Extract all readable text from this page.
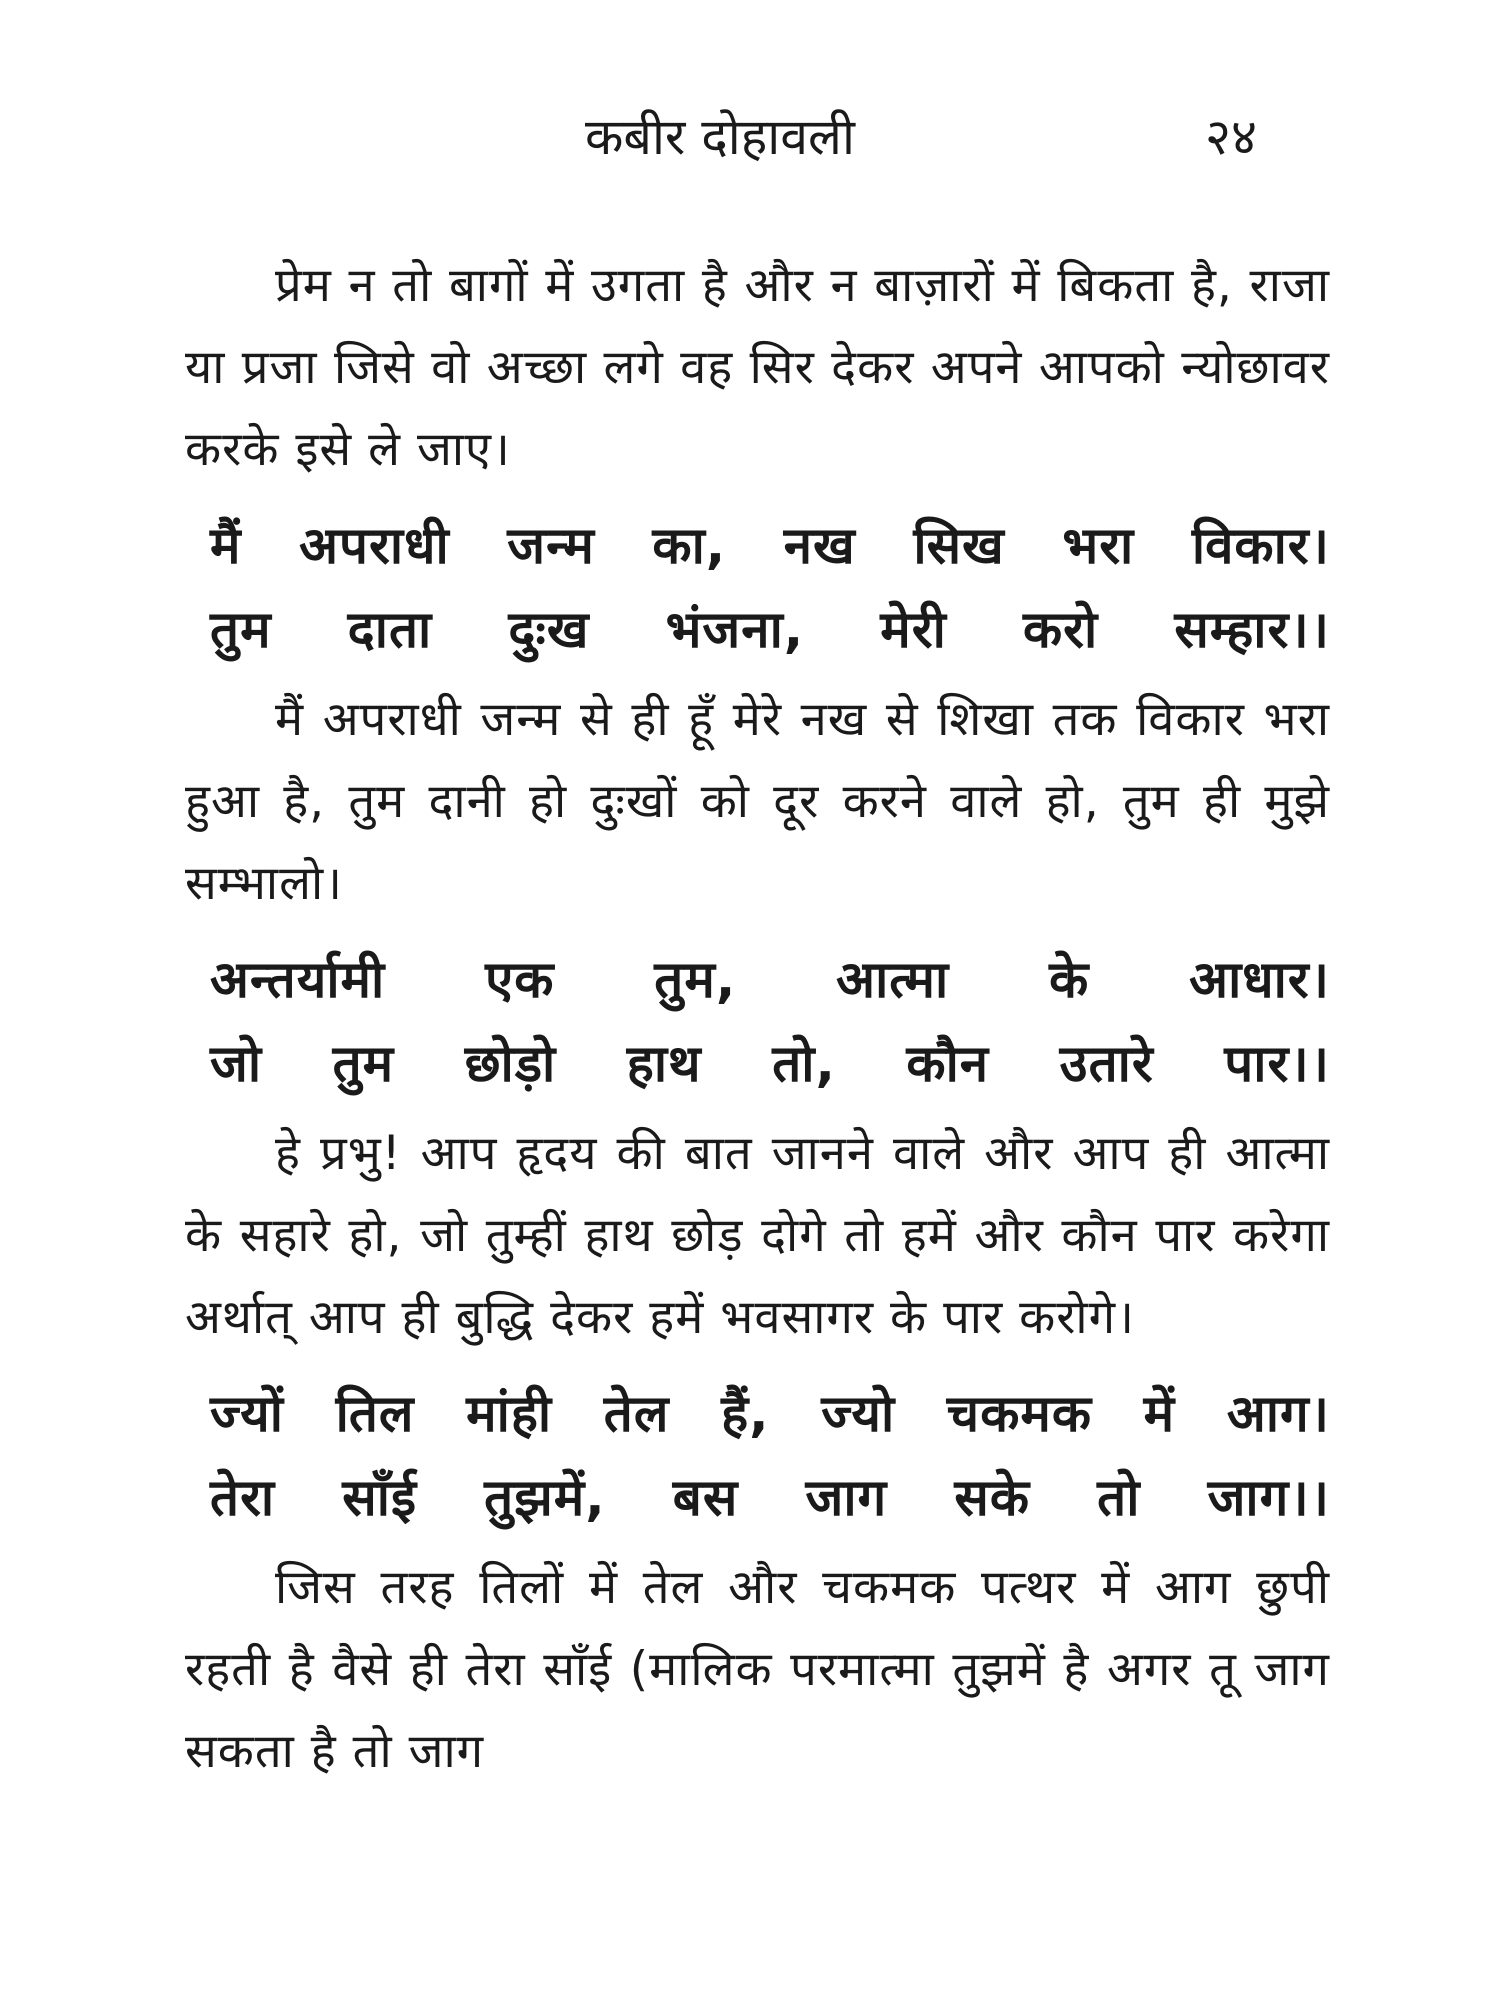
कबीर दोहावली	२४

प्रेम न तो बागों में उगता है और न बाज़ारों में बिकता है, राजा या प्रजा जिसे वो अच्छा लगे वह सिर देकर अपने आपको न्योछावर करके इसे ले जाए।

मैं अपराधी जन्म का, नख सिख भरा विकार।
तुम दाता दुःख भंजना, मेरी करो सम्हार।।

मैं अपराधी जन्म से ही हूँ मेरे नख से शिखा तक विकार भरा हुआ है, तुम दानी हो दुःखों को दूर करने वाले हो, तुम ही मुझे सम्भालो।

अन्तर्यामी एक तुम, आत्मा के आधार।
जो तुम छोड़ो हाथ तो, कौन उतारे पार।।

हे प्रभु! आप हृदय की बात जानने वाले और आप ही आत्मा के सहारे हो, जो तुम्हीं हाथ छोड़ दोगे तो हमें और कौन पार करेगा अर्थात् आप ही बुद्धि देकर हमें भवसागर के पार करोगे।

ज्यों तिल मांही तेल हैं, ज्यो चकमक में आग।
तेरा साँई तुझमें, बस जाग सके तो जाग।।

जिस तरह तिलों में तेल और चकमक पत्थर में आग छुपी रहती है वैसे ही तेरा साँई (मालिक परमात्मा तुझमें है अगर तू जाग सकता है तो जाग
